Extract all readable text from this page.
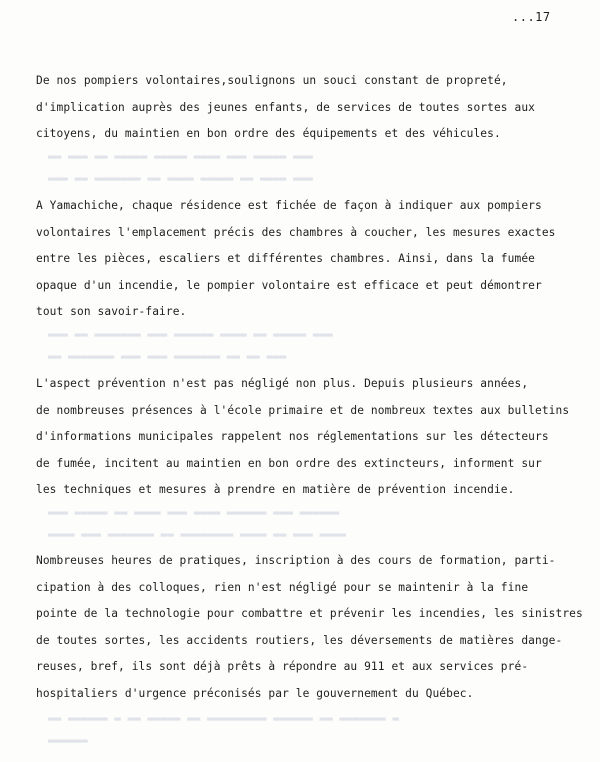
...17
▬▬ ▬▬▬ ▬▬ ▬▬▬▬▬ ▬▬▬▬▬ ▬▬▬▬ ▬▬▬ ▬▬▬▬▬ ▬▬▬
▬▬▬ ▬▬ ▬▬▬▬▬▬▬ ▬▬ ▬▬▬▬ ▬▬▬▬▬ ▬▬ ▬▬▬▬ ▬▬▬
▬▬▬ ▬▬ ▬▬▬▬▬▬▬ ▬▬▬ ▬▬▬▬▬▬ ▬▬▬▬ ▬▬ ▬▬▬▬▬ ▬▬▬
▬▬ ▬▬▬▬▬▬▬ ▬▬▬ ▬▬▬ ▬▬▬▬▬▬▬ ▬▬ ▬▬ ▬▬▬
▬▬▬ ▬▬▬▬▬ ▬▬ ▬▬▬▬ ▬▬▬ ▬▬▬▬ ▬▬▬▬▬▬ ▬▬▬ ▬▬▬▬▬▬
▬▬▬▬ ▬▬▬ ▬▬▬▬▬▬▬ ▬▬ ▬▬▬▬▬▬▬▬ ▬▬▬▬ ▬▬ ▬▬▬ ▬▬▬▬
▬▬ ▬▬▬▬▬▬ ▬ ▬▬ ▬▬▬▬▬ ▬▬ ▬▬▬▬▬▬▬▬▬ ▬▬▬▬▬▬ ▬▬ ▬▬▬▬▬▬▬ ▬
▬▬▬▬▬▬
De nos pompiers volontaires,soulignons un souci constant de propreté,
d'implication auprès des jeunes enfants, de services de toutes sortes aux
citoyens, du maintien en bon ordre des équipements et des véhicules.
A Yamachiche, chaque résidence est fichée de façon à indiquer aux pompiers
volontaires l'emplacement précis des chambres à coucher, les mesures exactes
entre les pièces, escaliers et différentes chambres. Ainsi, dans la fumée
opaque d'un incendie, le pompier volontaire est efficace et peut démontrer
tout son savoir-faire.
L'aspect prévention n'est pas négligé non plus. Depuis plusieurs années,
de nombreuses présences à l'école primaire et de nombreux textes aux bulletins
d'informations municipales rappelent nos réglementations sur les détecteurs
de fumée, incitent au maintien en bon ordre des extincteurs, informent sur
les techniques et mesures à prendre en matière de prévention incendie.
Nombreuses heures de pratiques, inscription à des cours de formation, parti-
cipation à des colloques, rien n'est négligé pour se maintenir à la fine
pointe de la technologie pour combattre et prévenir les incendies, les sinistres
de toutes sortes, les accidents routiers, les déversements de matières dange-
reuses, bref, ils sont déjà prêts à répondre au 911 et aux services pré-
hospitaliers d'urgence préconisés par le gouvernement du Québec.
